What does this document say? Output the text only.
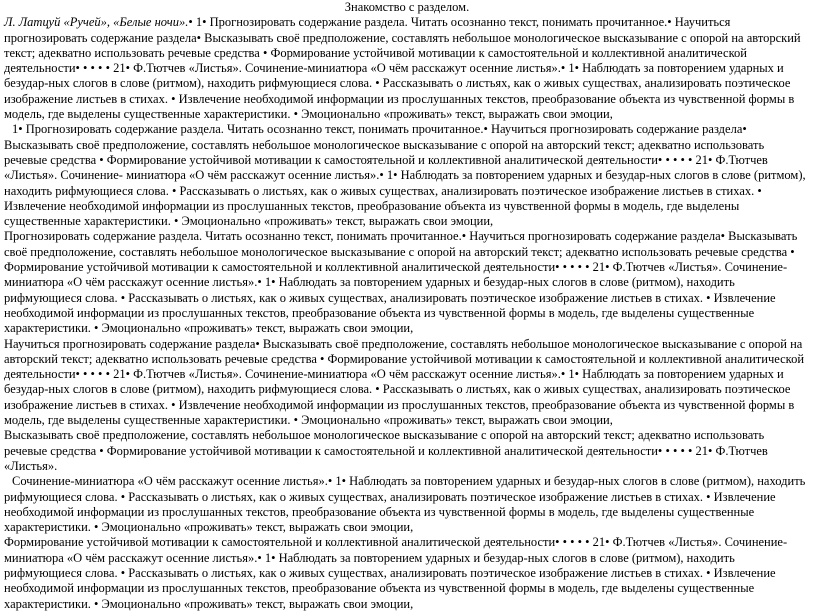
Знакомство с разделом.

Л. Латцуй «Ручей», «Белые ночи».• 1• Прогнозировать содержание раздела. Читать осознанно текст, понимать прочитанное.• Научиться прогнозировать содержание раздела• Высказывать своё предположение, составлять небольшое монологическое высказывание с опорой на авторский текст; адекватно использовать речевые средства • Формирование устойчивой мотивации к самостоятельной и коллективной аналитической деятельности• • • • • 21• Ф.Тютчев «Листья». Сочинение-миниатюра «О чём расскажут осенние листья».• 1• Наблюдать за повторением ударных и безудар-ных слогов в слове (ритмом), находить рифмующиеся слова. • Рассказывать о листьях, как о живых существах, анализировать поэтическое изображение листьев в стихах. • Извлечение необходимой информации из прослушанных текстов, преобразование объекта из чувственной формы в модель, где выделены существенные характеристики. • Эмоционально «проживать» текст, выражать свои эмоции,

1• Прогнозировать содержание раздела. Читать осознанно текст, понимать прочитанное.• Научиться прогнозировать содержание раздела• Высказывать своё предположение, составлять небольшое монологическое высказывание с опорой на авторский текст; адекватно использовать речевые средства • Формирование устойчивой мотивации к самостоятельной и коллективной аналитической деятельности• • • • • 21• Ф.Тютчев «Листья». Сочинение- миниатюра «О чём расскажут осенние листья».• 1• Наблюдать за повторением ударных и безудар-ных слогов в слове (ритмом), находить рифмующиеся слова. • Рассказывать о листьях, как о живых существах, анализировать поэтическое изображение листьев в стихах. • Извлечение необходимой информации из прослушанных текстов, преобразование объекта из чувственной формы в модель, где выделены существенные характеристики. • Эмоционально «проживать» текст, выражать свои эмоции,

Прогнозировать содержание раздела. Читать осознанно текст, понимать прочитанное.• Научиться прогнозировать содержание раздела• Высказывать своё предположение, составлять небольшое монологическое высказывание с опорой на авторский текст; адекватно использовать речевые средства • Формирование устойчивой мотивации к самостоятельной и коллективной аналитической деятельности• • • • • 21• Ф.Тютчев «Листья». Сочинение-миниатюра «О чём расскажут осенние листья».• 1• Наблюдать за повторением ударных и безудар-ных слогов в слове (ритмом), находить рифмующиеся слова. • Рассказывать о листьях, как о живых существах, анализировать поэтическое изображение листьев в стихах. • Извлечение необходимой информации из прослушанных текстов, преобразование объекта из чувственной формы в модель, где выделены существенные характеристики. • Эмоционально «проживать» текст, выражать свои эмоции,

Научиться прогнозировать содержание раздела• Высказывать своё предположение, составлять небольшое монологическое высказывание с опорой на авторский текст; адекватно использовать речевые средства • Формирование устойчивой мотивации к самостоятельной и коллективной аналитической деятельности• • • • • 21• Ф.Тютчев «Листья». Сочинение-миниатюра «О чём расскажут осенние листья».• 1• Наблюдать за повторением ударных и безудар-ных слогов в слове (ритмом), находить рифмующиеся слова. • Рассказывать о листьях, как о живых существах, анализировать поэтическое изображение листьев в стихах. • Извлечение необходимой информации из прослушанных текстов, преобразование объекта из чувственной формы в модель, где выделены существенные характеристики. • Эмоционально «проживать» текст, выражать свои эмоции,

Высказывать своё предположение, составлять небольшое монологическое высказывание с опорой на авторский текст; адекватно использовать речевые средства • Формирование устойчивой мотивации к самостоятельной и коллективной аналитической деятельности• • • • • 21• Ф.Тютчев «Листья».

Сочинение-миниатюра «О чём расскажут осенние листья».• 1• Наблюдать за повторением ударных и безудар-ных слогов в слове (ритмом), находить рифмующиеся слова. • Рассказывать о листьях, как о живых существах, анализировать поэтическое изображение листьев в стихах. • Извлечение необходимой информации из прослушанных текстов, преобразование объекта из чувственной формы в модель, где выделены существенные характеристики. • Эмоционально «проживать» текст, выражать свои эмоции,

Формирование устойчивой мотивации к самостоятельной и коллективной аналитической деятельности• • • • • 21• Ф.Тютчев «Листья». Сочинение- миниатюра «О чём расскажут осенние листья».• 1• Наблюдать за повторением ударных и безудар-ных слогов в слове (ритмом), находить рифмующиеся слова. • Рассказывать о листьях, как о живых существах, анализировать поэтическое изображение листьев в стихах. • Извлечение необходимой информации из прослушанных текстов, преобразование объекта из чувственной формы в модель, где выделены существенные характеристики. • Эмоционально «проживать» текст, выражать свои эмоции,
